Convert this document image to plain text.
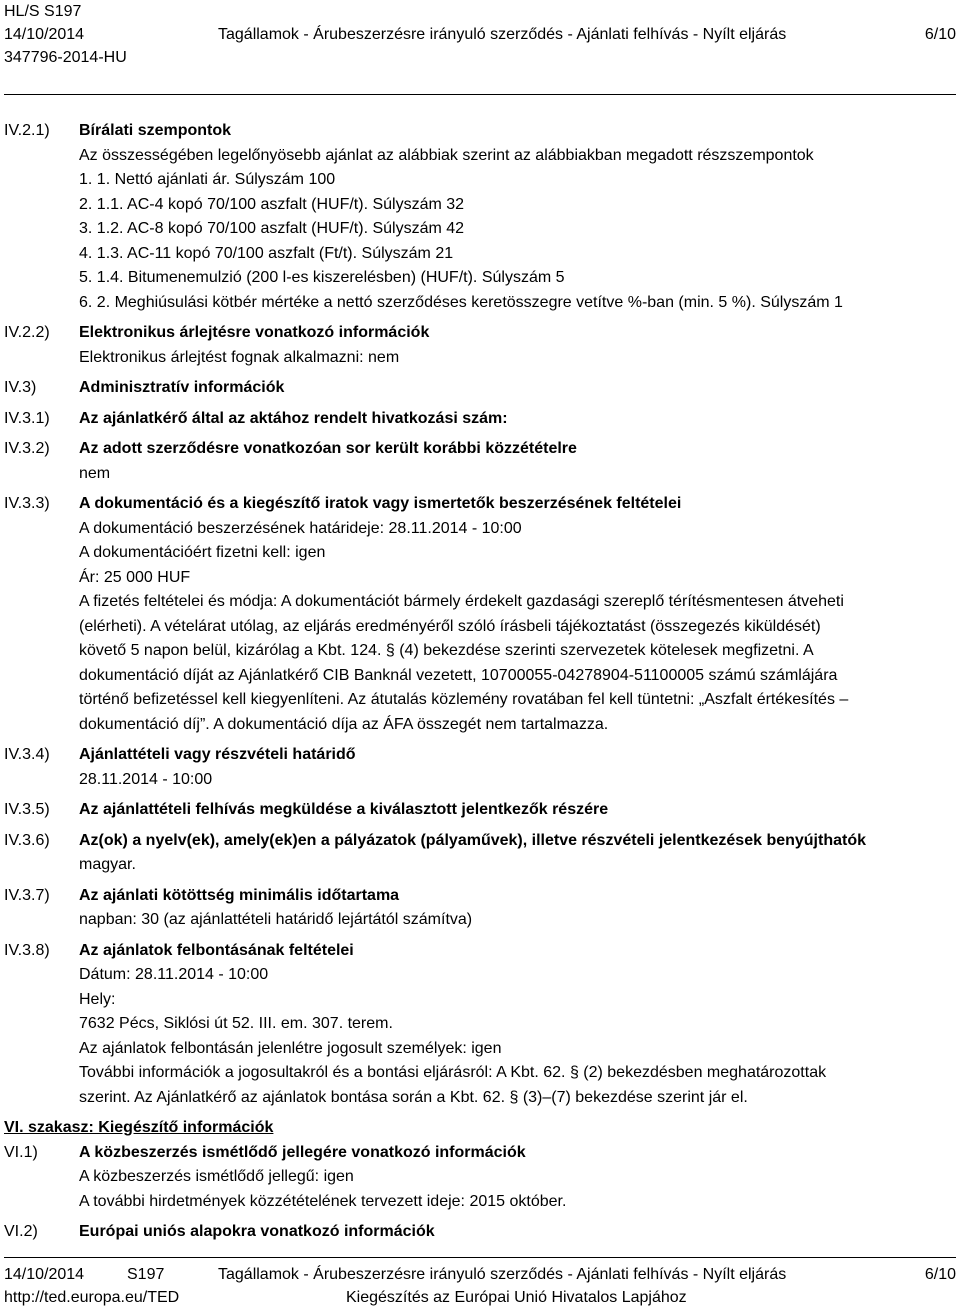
HL/S S197
14/10/2014
347796-2014-HU
Tagállamok - Árubeszerzésre irányuló szerződés - Ajánlati felhívás - Nyílt eljárás	6/10
IV.2.1)	Bírálati szempontok
Az összességében legelőnyösebb ajánlat az alábbiak szerint az alábbiakban megadott részszempontok
1. 1. Nettó ajánlati ár. Súlyszám 100
2. 1.1. AC-4 kopó 70/100 aszfalt (HUF/t). Súlyszám 32
3. 1.2. AC-8 kopó 70/100 aszfalt (HUF/t). Súlyszám 42
4. 1.3. AC-11 kopó 70/100 aszfalt (Ft/t). Súlyszám 21
5. 1.4. Bitumenemulzió (200 l-es kiszerelésben) (HUF/t). Súlyszám 5
6. 2. Meghiúsulási kötbér mértéke a nettó szerződéses keretösszegre vetítve %-ban (min. 5 %). Súlyszám 1
IV.2.2)	Elektronikus árlejtésre vonatkozó információk
Elektronikus árlejtést fognak alkalmazni: nem
IV.3)	Adminisztratív információk
IV.3.1)	Az ajánlatkérő által az aktához rendelt hivatkozási szám:
IV.3.2)	Az adott szerződésre vonatkozóan sor került korábbi közzétételre
nem
IV.3.3)	A dokumentáció és a kiegészítő iratok vagy ismertetők beszerzésének feltételei
A dokumentáció beszerzésének határideje: 28.11.2014 - 10:00
A dokumentációért fizetni kell: igen
Ár: 25 000 HUF
A fizetés feltételei és módja: A dokumentációt bármely érdekelt gazdasági szereplő térítésmentesen átveheti
(elérheti). A vételárat utólag, az eljárás eredményéről szóló írásbeli tájékoztatást (összegezés kiküldését)
követő 5 napon belül, kizárólag a Kbt. 124. § (4) bekezdése szerinti szervezetek kötelesek megfizetni. A
dokumentáció díját az Ajánlatkérő CIB Banknál vezetett, 10700055-04278904-51100005 számú számlájára
történő befizetéssel kell kiegyenlíteni. Az átutalás közlemény rovatában fel kell tüntetni: „Aszfalt értékesítés –
dokumentáció díj”. A dokumentáció díja az ÁFA összegét nem tartalmazza.
IV.3.4)	Ajánlattételi vagy részvételi határidő
28.11.2014 - 10:00
IV.3.5)	Az ajánlattételi felhívás megküldése a kiválasztott jelentkezők részére
IV.3.6)	Az(ok) a nyelv(ek), amely(ek)en a pályázatok (pályaművek), illetve részvételi jelentkezések benyújthatók
magyar.
IV.3.7)	Az ajánlati kötöttség minimális időtartama
napban: 30 (az ajánlattételi határidő lejártától számítva)
IV.3.8)	Az ajánlatok felbontásának feltételei
Dátum: 28.11.2014 - 10:00
Hely:
7632 Pécs, Siklósi út 52. III. em. 307. terem.
Az ajánlatok felbontásán jelenlétre jogosult személyek: igen
További információk a jogosultakról és a bontási eljárásról: A Kbt. 62. § (2) bekezdésben meghatározottak
szerint. Az Ajánlatkérő az ajánlatok bontása során a Kbt. 62. § (3)–(7) bekezdése szerint jár el.
VI. szakasz: Kiegészítő információk
VI.1)	A közbeszerzés ismétlődő jellegére vonatkozó információk
A közbeszerzés ismétlődő jellegű: igen
A további hirdetmények közzétételének tervezett ideje: 2015 október.
VI.2)	Európai uniós alapokra vonatkozó információk
14/10/2014
http://ted.europa.eu/TED
S197	Tagállamok - Árubeszerzésre irányuló szerződés - Ajánlati felhívás - Nyílt eljárás
Kiegészítés az Európai Unió Hivatalos Lapjához
6/10
